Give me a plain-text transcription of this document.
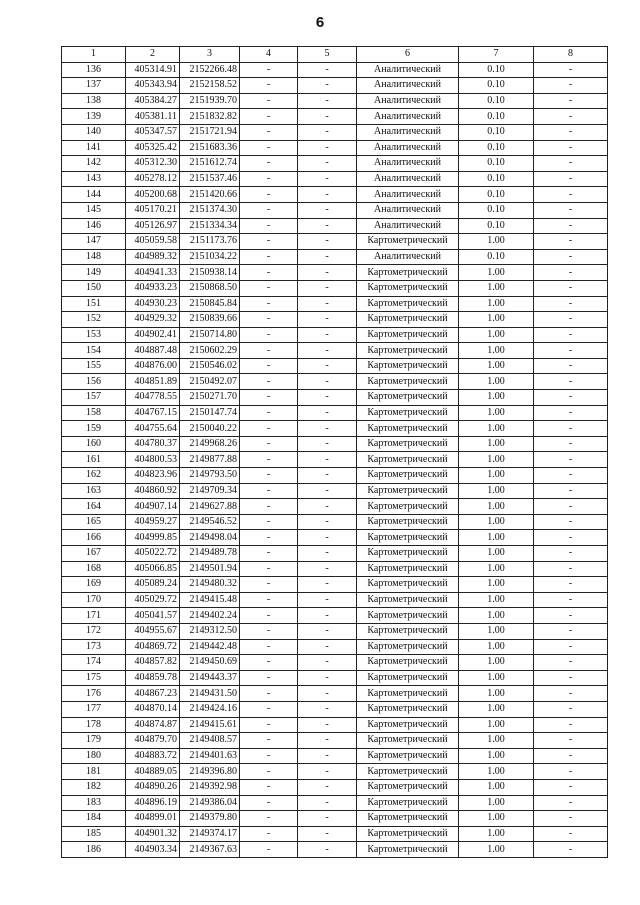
6
1	2	3	4	5	6	7	8
136	405314.91	2152266.48	-	-	Аналитический	0.10	-
137	405343.94	2152158.52	-	-	Аналитический	0.10	-
138	405384.27	2151939.70	-	-	Аналитический	0.10	-
139	405381.11	2151832.82	-	-	Аналитический	0.10	-
140	405347.57	2151721.94	-	-	Аналитический	0.10	-
141	405325.42	2151683.36	-	-	Аналитический	0.10	-
142	405312.30	2151612.74	-	-	Аналитический	0.10	-
143	405278.12	2151537.46	-	-	Аналитический	0.10	-
144	405200.68	2151420.66	-	-	Аналитический	0.10	-
145	405170.21	2151374.30	-	-	Аналитический	0.10	-
146	405126.97	2151334.34	-	-	Аналитический	0.10	-
147	405059.58	2151173.76	-	-	Картометрический	1.00	-
148	404989.32	2151034.22	-	-	Аналитический	0.10	-
149	404941.33	2150938.14	-	-	Картометрический	1.00	-
150	404933.23	2150868.50	-	-	Картометрический	1.00	-
151	404930.23	2150845.84	-	-	Картометрический	1.00	-
152	404929.32	2150839.66	-	-	Картометрический	1.00	-
153	404902.41	2150714.80	-	-	Картометрический	1.00	-
154	404887.48	2150602.29	-	-	Картометрический	1.00	-
155	404876.00	2150546.02	-	-	Картометрический	1.00	-
156	404851.89	2150492.07	-	-	Картометрический	1.00	-
157	404778.55	2150271.70	-	-	Картометрический	1.00	-
158	404767.15	2150147.74	-	-	Картометрический	1.00	-
159	404755.64	2150040.22	-	-	Картометрический	1.00	-
160	404780.37	2149968.26	-	-	Картометрический	1.00	-
161	404800.53	2149877.88	-	-	Картометрический	1.00	-
162	404823.96	2149793.50	-	-	Картометрический	1.00	-
163	404860.92	2149709.34	-	-	Картометрический	1.00	-
164	404907.14	2149627.88	-	-	Картометрический	1.00	-
165	404959.27	2149546.52	-	-	Картометрический	1.00	-
166	404999.85	2149498.04	-	-	Картометрический	1.00	-
167	405022.72	2149489.78	-	-	Картометрический	1.00	-
168	405066.85	2149501.94	-	-	Картометрический	1.00	-
169	405089.24	2149480.32	-	-	Картометрический	1.00	-
170	405029.72	2149415.48	-	-	Картометрический	1.00	-
171	405041.57	2149402.24	-	-	Картометрический	1.00	-
172	404955.67	2149312.50	-	-	Картометрический	1.00	-
173	404869.72	2149442.48	-	-	Картометрический	1.00	-
174	404857.82	2149450.69	-	-	Картометрический	1.00	-
175	404859.78	2149443.37	-	-	Картометрический	1.00	-
176	404867.23	2149431.50	-	-	Картометрический	1.00	-
177	404870.14	2149424.16	-	-	Картометрический	1.00	-
178	404874.87	2149415.61	-	-	Картометрический	1.00	-
179	404879.70	2149408.57	-	-	Картометрический	1.00	-
180	404883.72	2149401.63	-	-	Картометрический	1.00	-
181	404889.05	2149396.80	-	-	Картометрический	1.00	-
182	404890.26	2149392.98	-	-	Картометрический	1.00	-
183	404896.19	2149386.04	-	-	Картометрический	1.00	-
184	404899.01	2149379.80	-	-	Картометрический	1.00	-
185	404901.32	2149374.17	-	-	Картометрический	1.00	-
186	404903.34	2149367.63	-	-	Картометрический	1.00	-
